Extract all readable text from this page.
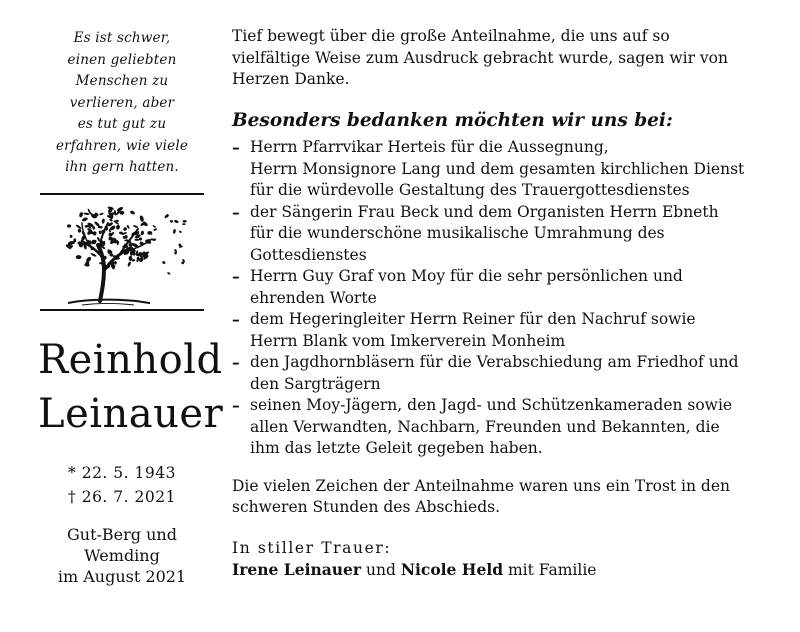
Es ist schwer,
einen geliebten
Menschen zu
verlieren, aber
es tut gut zu
erfahren, wie viele
ihn gern hatten.
Reinhold
Leinauer
* 22. 5. 1943
† 26. 7. 2021
Gut-Berg und
Wemding
im August 2021
Tief bewegt über die große Anteilnahme, die uns auf so
vielfältige Weise zum Ausdruck gebracht wurde, sagen wir von
Herzen Danke.
Besonders bedanken möchten wir uns bei:
– Herrn Pfarrvikar Herteis für die Aussegnung,
Herrn Monsignore Lang und dem gesamten kirchlichen Dienst
für die würdevolle Gestaltung des Trauergottesdienstes
– der Sängerin Frau Beck und dem Organisten Herrn Ebneth
für die wunderschöne musikalische Umrahmung des
Gottesdienstes
– Herrn Guy Graf von Moy für die sehr persönlichen und
ehrenden Worte
– dem Hegeringleiter Herrn Reiner für den Nachruf sowie
Herrn Blank vom Imkerverein Monheim
– den Jagdhornbläsern für die Verabschiedung am Friedhof und
den Sargträgern
– seinen Moy-Jägern, den Jagd- und Schützenkameraden sowie
allen Verwandten, Nachbarn, Freunden und Bekannten, die
ihm das letzte Geleit gegeben haben.
Die vielen Zeichen der Anteilnahme waren uns ein Trost in den
schweren Stunden des Abschieds.
In stiller Trauer:
Irene Leinauer und Nicole Held mit Familie
